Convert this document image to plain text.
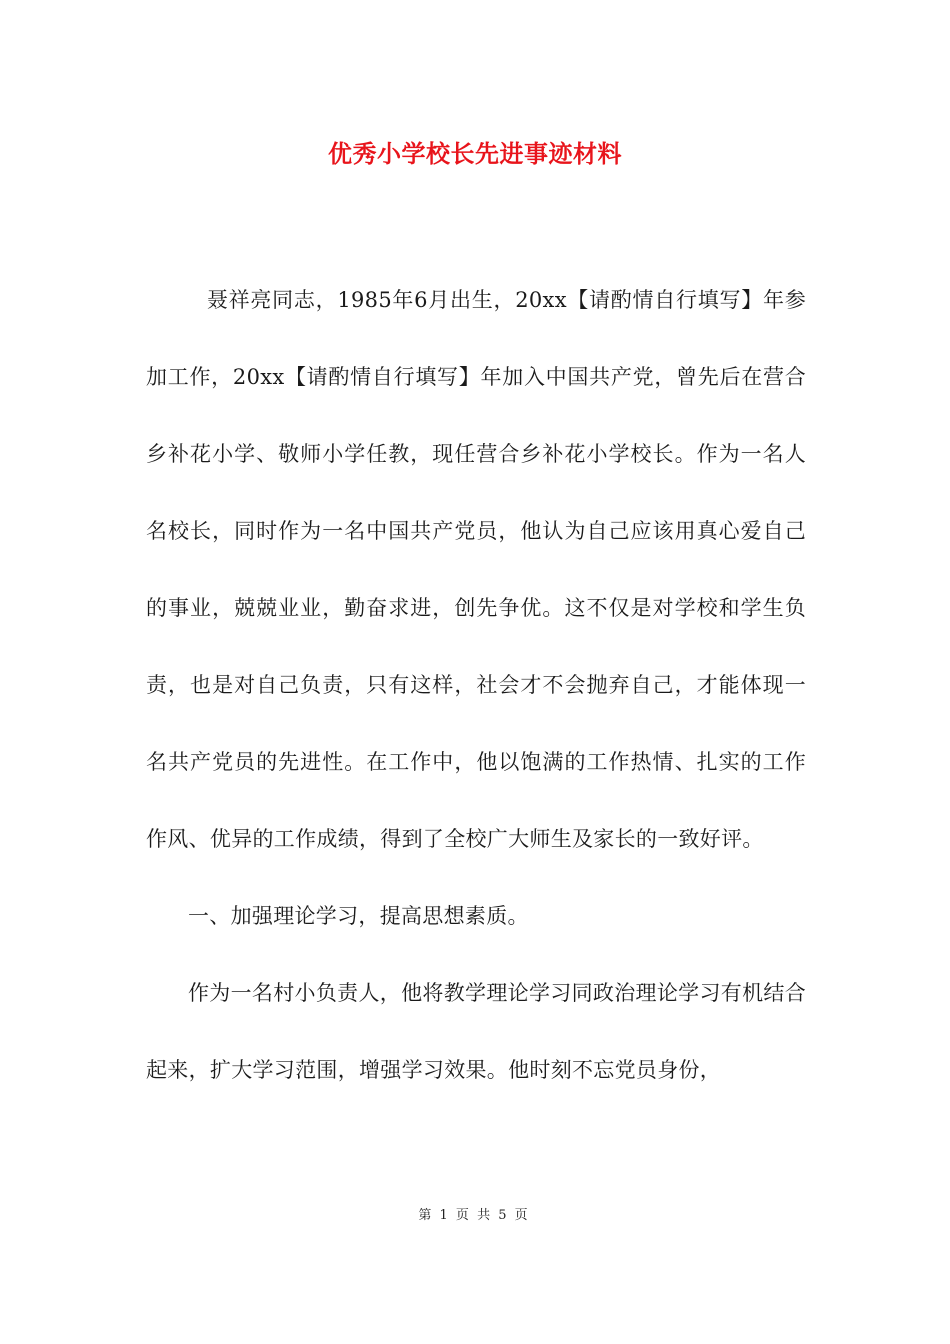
优秀小学校长先进事迹材料

聂祥亮同志，1985年6月出生，20xx【请酌情自行填写】年参加工作，20xx【请酌情自行填写】年加入中国共产党，曾先后在营合乡补花小学、敬师小学任教，现任营合乡补花小学校长。作为一名人名校长，同时作为一名中国共产党员，他认为自己应该用真心爱自己的事业，兢兢业业，勤奋求进，创先争优。这不仅是对学校和学生负责，也是对自己负责，只有这样，社会才不会抛弃自己，才能体现一名共产党员的先进性。在工作中，他以饱满的工作热情、扎实的工作作风、优异的工作成绩，得到了全校广大师生及家长的一致好评。

一、加强理论学习，提高思想素质。

作为一名村小负责人，他将教学理论学习同政治理论学习有机结合起来，扩大学习范围，增强学习效果。他时刻不忘党员身份，

第 1 页 共 5 页
